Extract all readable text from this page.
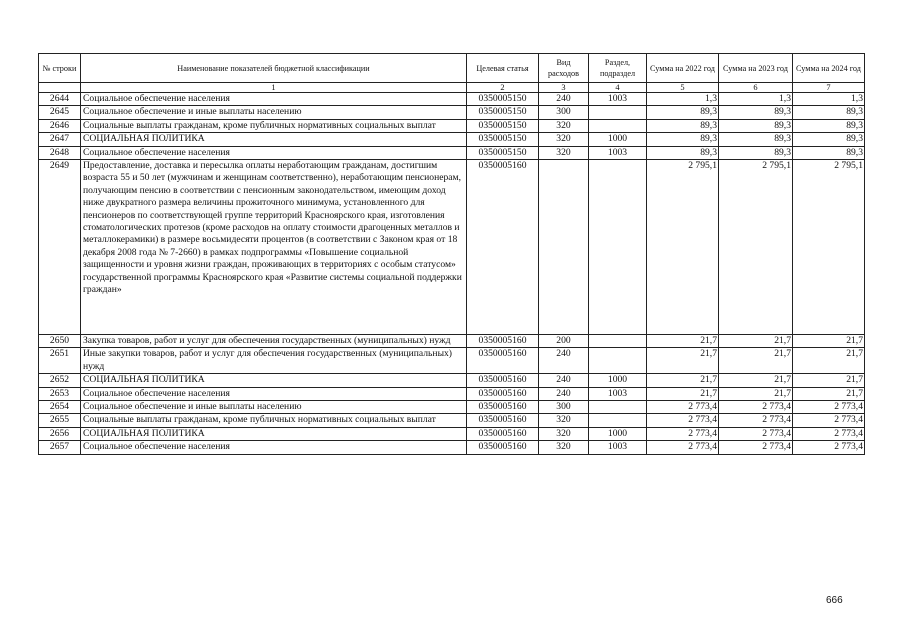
№ строки	Наименование показателей бюджетной классификации	Целевая статья	Вид расходов	Раздел, подраздел	Сумма на 2022 год	Сумма на 2023 год	Сумма на 2024 год
	1	2	3	4	5	6	7
2644	Социальное обеспечение населения	0350005150	240	1003	1,3	1,3	1,3
2645	Социальное обеспечение и иные выплаты населению	0350005150	300		89,3	89,3	89,3
2646	Социальные выплаты гражданам, кроме публичных нормативных социальных выплат	0350005150	320		89,3	89,3	89,3
2647	СОЦИАЛЬНАЯ ПОЛИТИКА	0350005150	320	1000	89,3	89,3	89,3
2648	Социальное обеспечение населения	0350005150	320	1003	89,3	89,3	89,3
2649	Предоставление, доставка и пересылка оплаты неработающим гражданам, достигшим возраста 55 и 50 лет (мужчинам и женщинам соответственно), неработающим пенсионерам, получающим пенсию в соответствии с пенсионным законодательством, имеющим доход ниже двукратного размера величины прожиточного минимума, установленного для пенсионеров по соответствующей группе территорий Красноярского края, изготовления стоматологических протезов (кроме расходов на оплату стоимости драгоценных металлов и металлокерамики) в размере восьмидесяти процентов (в соответствии с Законом края от 18 декабря 2008 года № 7-2660) в рамках подпрограммы «Повышение социальной защищенности и уровня жизни граждан, проживающих в территориях с особым статусом» государственной программы Красноярского края «Развитие системы социальной поддержки граждан»	0350005160			2 795,1	2 795,1	2 795,1
2650	Закупка товаров, работ и услуг для обеспечения государственных (муниципальных) нужд	0350005160	200		21,7	21,7	21,7
2651	Иные закупки товаров, работ и услуг для обеспечения государственных (муниципальных) нужд	0350005160	240		21,7	21,7	21,7
2652	СОЦИАЛЬНАЯ ПОЛИТИКА	0350005160	240	1000	21,7	21,7	21,7
2653	Социальное обеспечение населения	0350005160	240	1003	21,7	21,7	21,7
2654	Социальное обеспечение и иные выплаты населению	0350005160	300		2 773,4	2 773,4	2 773,4
2655	Социальные выплаты гражданам, кроме публичных нормативных социальных выплат	0350005160	320		2 773,4	2 773,4	2 773,4
2656	СОЦИАЛЬНАЯ ПОЛИТИКА	0350005160	320	1000	2 773,4	2 773,4	2 773,4
2657	Социальное обеспечение населения	0350005160	320	1003	2 773,4	2 773,4	2 773,4
666
